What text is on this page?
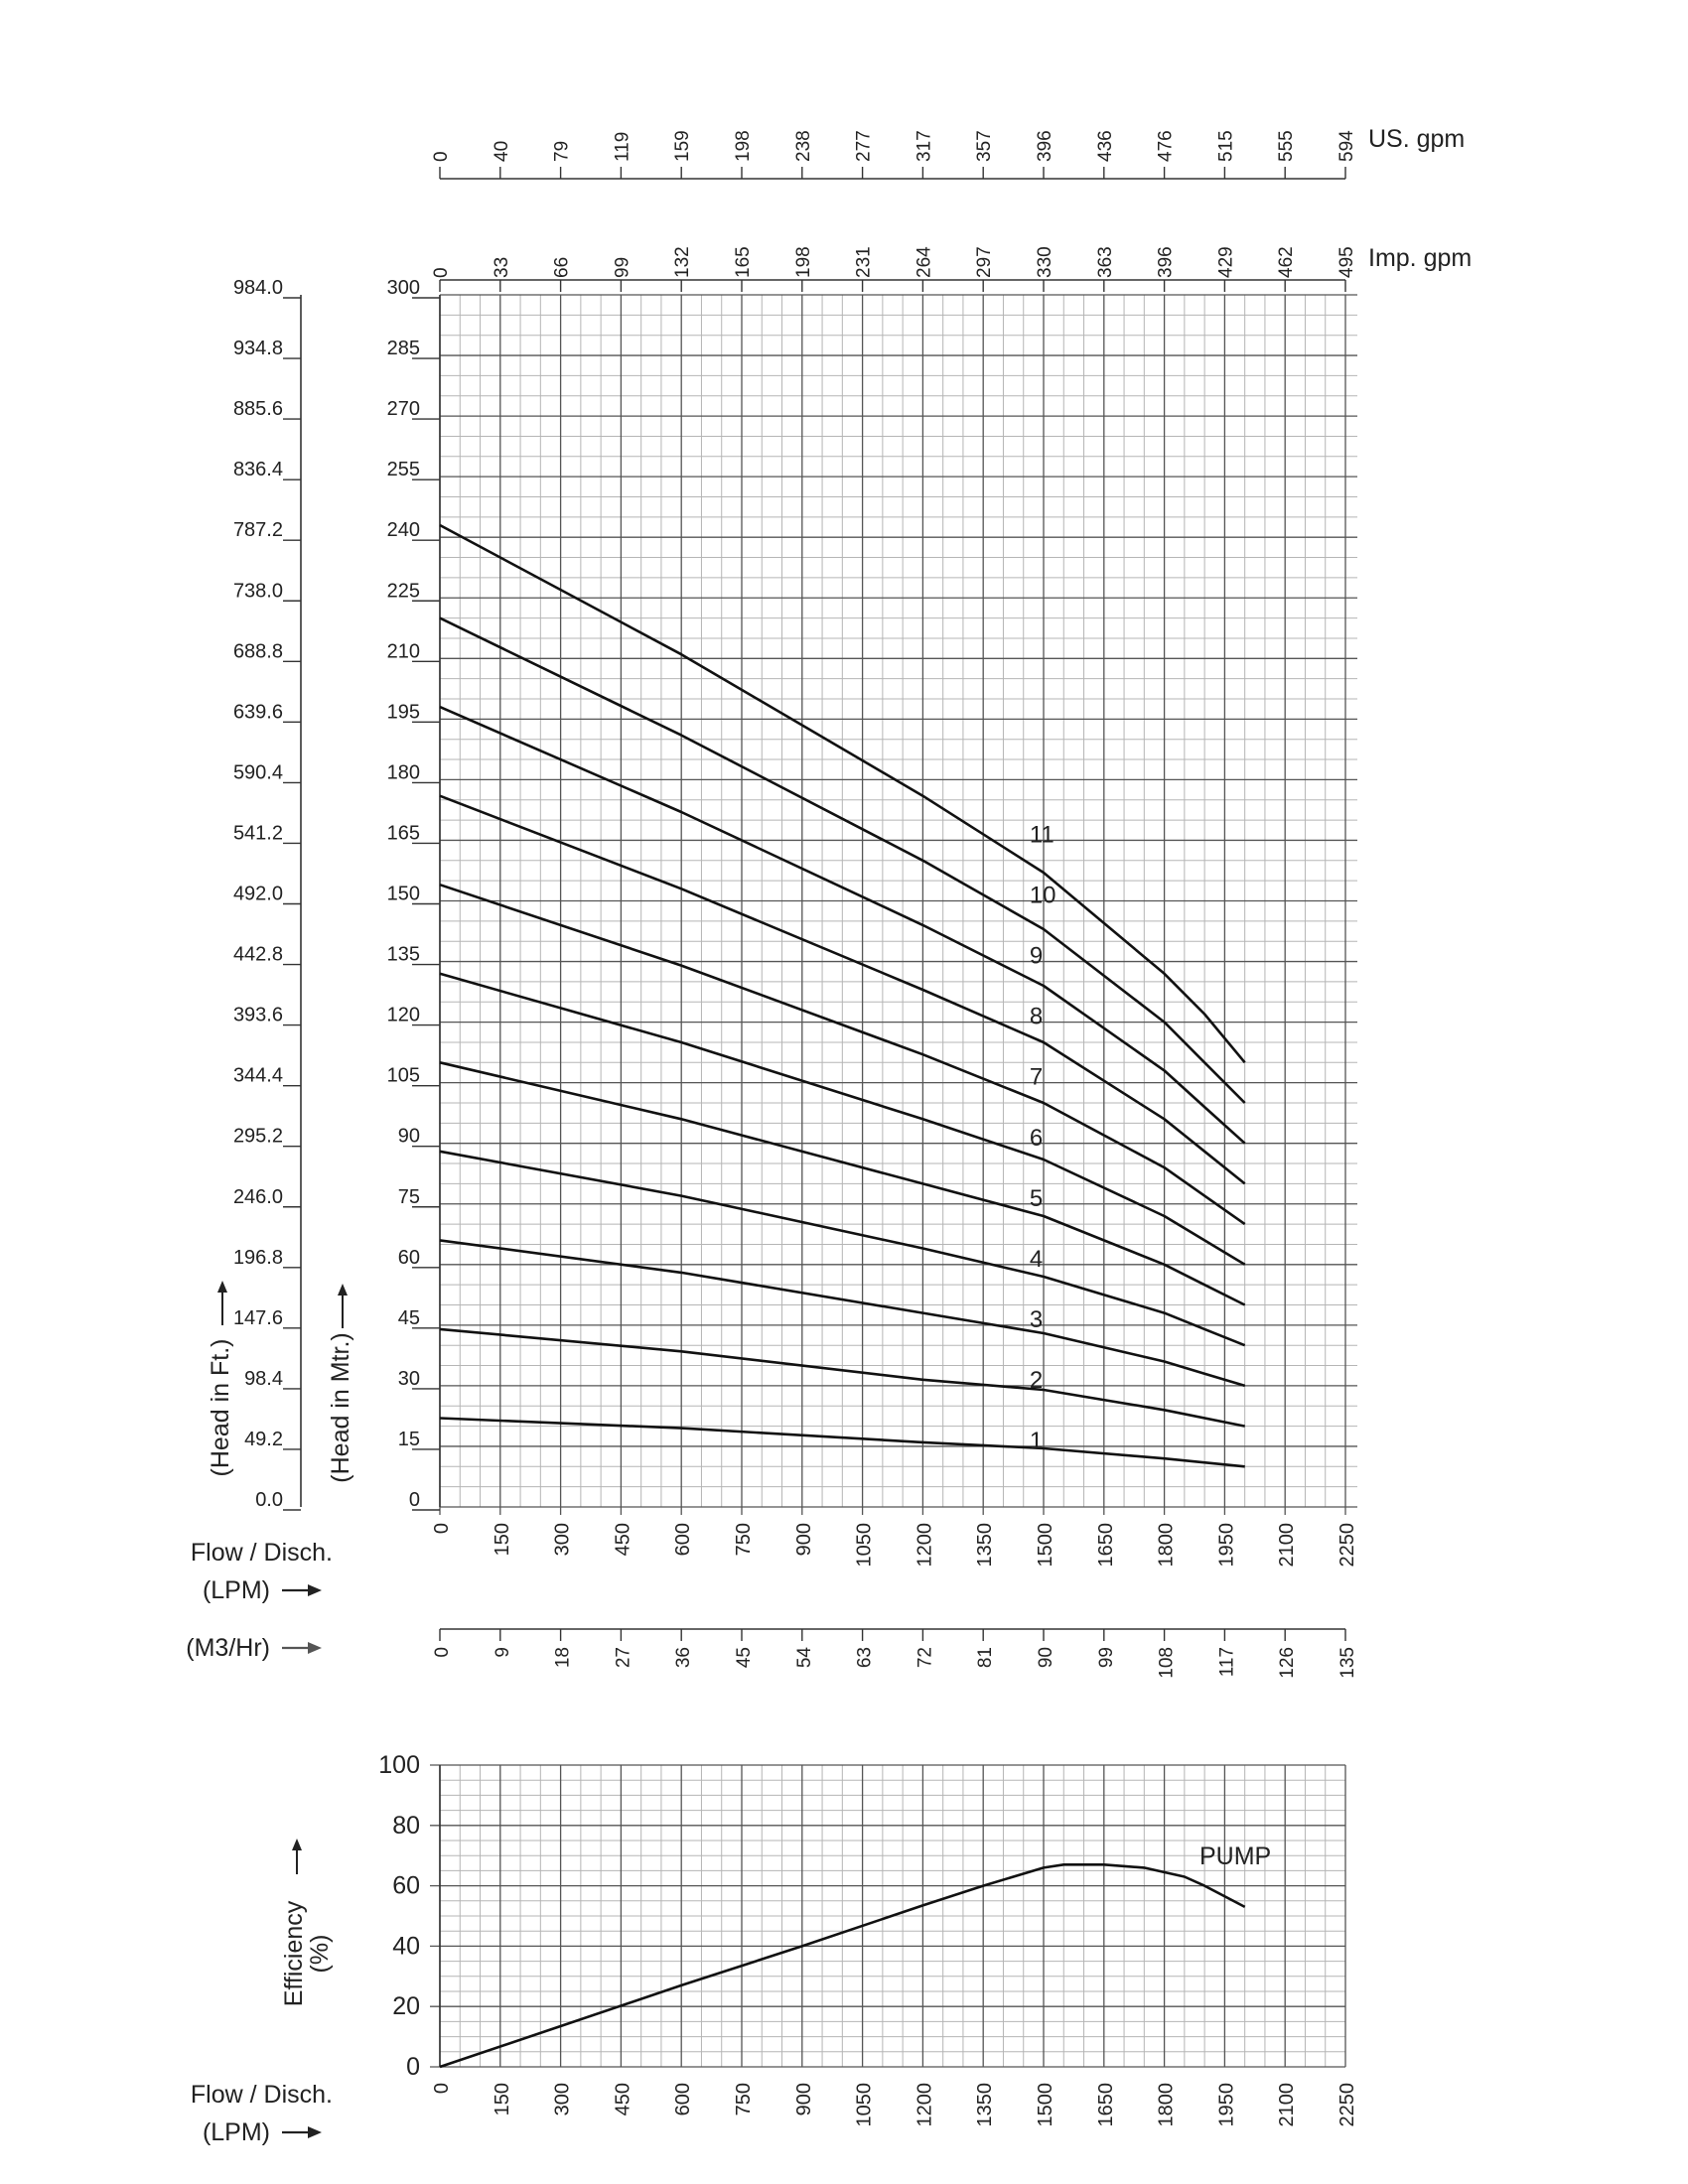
0
15
30
45
60
75
90
105
120
135
150
165
180
195
210
225
240
255
270
285
300
0.0
49.2
98.4
147.6
196.8
246.0
295.2
344.4
393.6
442.8
492.0
541.2
590.4
639.6
688.8
738.0
787.2
836.4
885.6
934.8
984.0
(Head in Mtr.)
(Head in Ft.)
0 150 300 450 600 750 900 1050 1200 1350 1500 1650 1800 1950 2100 2250
0 9 18 27 36 45 54 63 72 81 90 99 108 117 126 135
0 33 66 99 132 165 198 231 264 297 330 363 396 429 462 495 Imp. gpm
0 40 79 119 159 198 238 277 317 357 396 436 476 515 555 594 US. gpm
Flow / Disch.
(LPM)
(M3/Hr)
1
2
3
4
5
6
7
8
9
10
11
0
20
40
60
80
100
0 150 300 450 600 750 900 1050 1200 1350 1500 1650 1800 1950 2100 2250
Efficiency
(%)
Flow / Disch.
(LPM)
PUMP
